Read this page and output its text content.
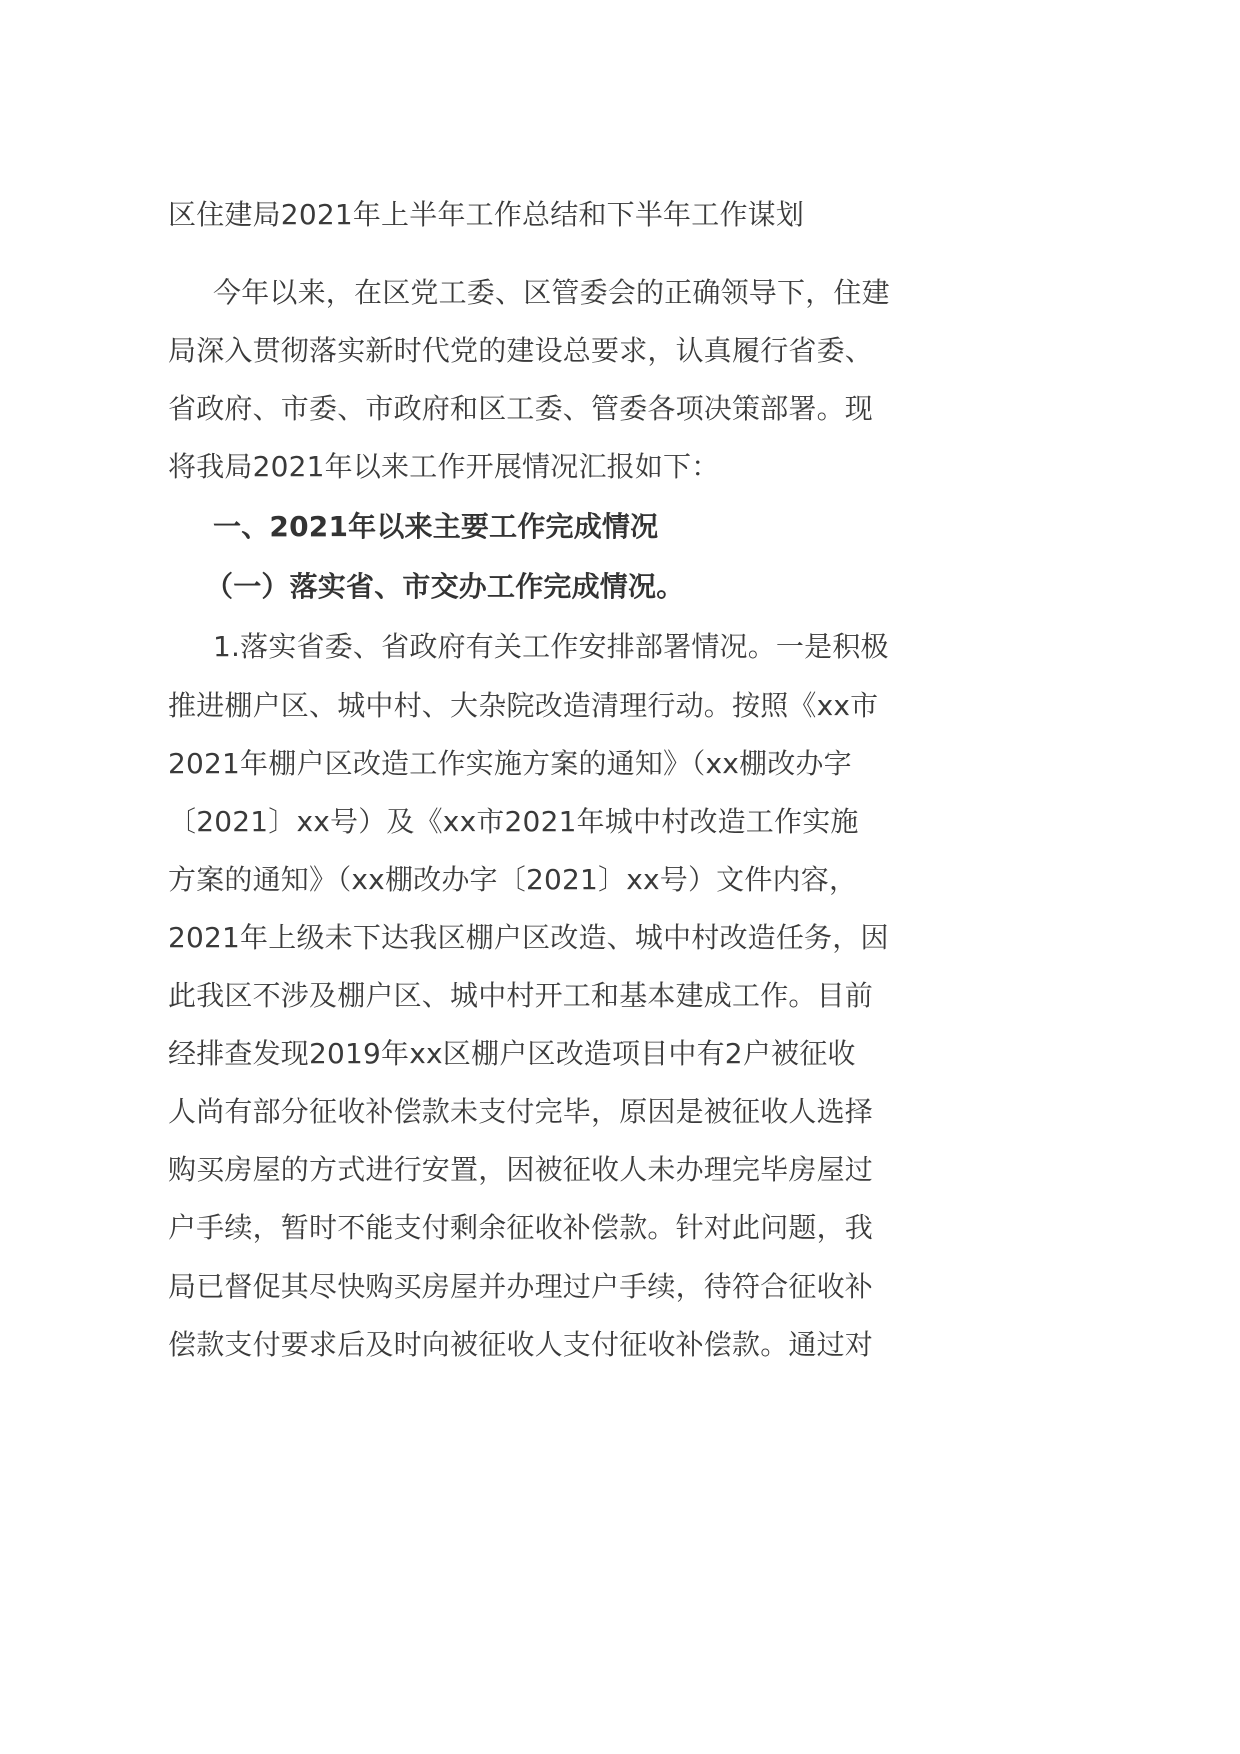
区住建局2021年上半年工作总结和下半年工作谋划
今年以来，在区党工委、区管委会的正确领导下，住建
局深入贯彻落实新时代党的建设总要求，认真履行省委、
省政府、市委、市政府和区工委、管委各项决策部署。现
将我局2021年以来工作开展情况汇报如下：
一、2021年以来主要工作完成情况
（一）落实省、市交办工作完成情况。
1.落实省委、省政府有关工作安排部署情况。一是积极
推进棚户区、城中村、大杂院改造清理行动。按照《xx市
2021年棚户区改造工作实施方案的通知》（xx棚改办字
〔2021〕xx号）及《xx市2021年城中村改造工作实施
方案的通知》（xx棚改办字〔2021〕xx号）文件内容，
2021年上级未下达我区棚户区改造、城中村改造任务，因
此我区不涉及棚户区、城中村开工和基本建成工作。目前
经排查发现2019年xx区棚户区改造项目中有2户被征收
人尚有部分征收补偿款未支付完毕，原因是被征收人选择
购买房屋的方式进行安置，因被征收人未办理完毕房屋过
户手续，暂时不能支付剩余征收补偿款。针对此问题，我
局已督促其尽快购买房屋并办理过户手续，待符合征收补
偿款支付要求后及时向被征收人支付征收补偿款。通过对
